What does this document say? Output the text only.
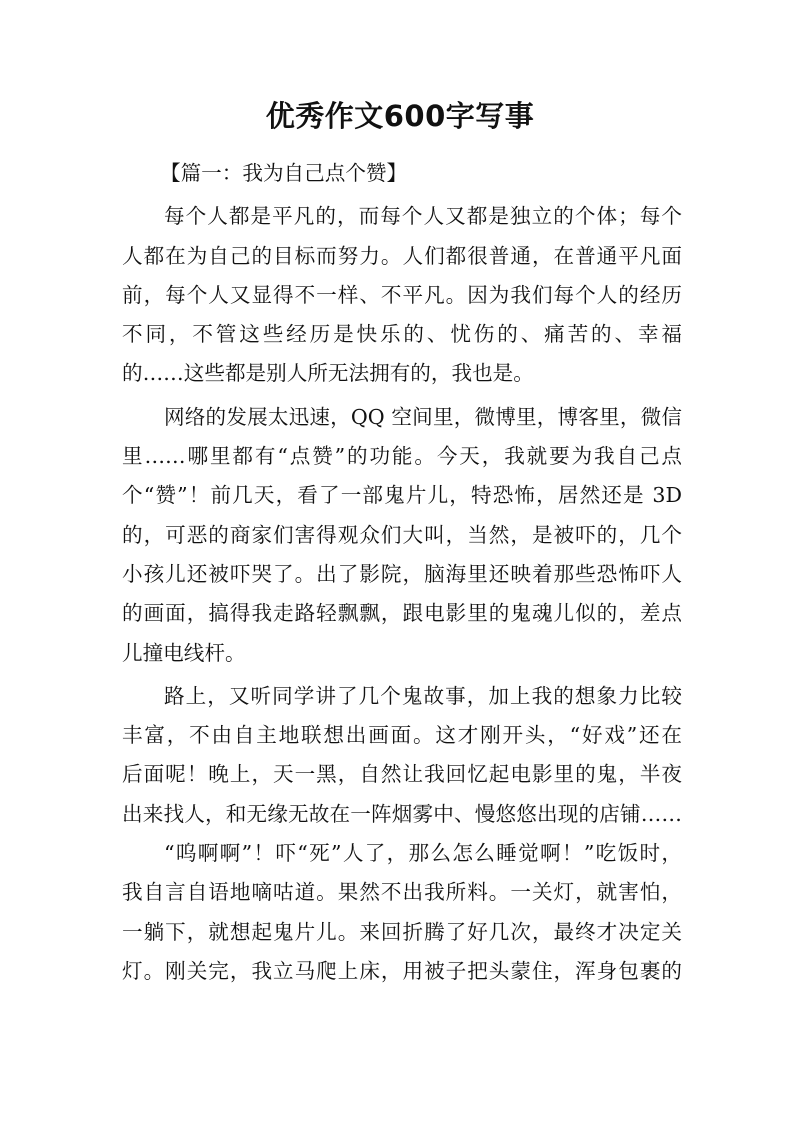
优秀作文600字写事
【篇一：我为自己点个赞】
每个人都是平凡的，而每个人又都是独立的个体；每个
人都在为自己的目标而努力。人们都很普通，在普通平凡面
前，每个人又显得不一样、不平凡。因为我们每个人的经历
不同，不管这些经历是快乐的、忧伤的、痛苦的、幸福
的……这些都是别人所无法拥有的，我也是。
网络的发展太迅速，QQ 空间里，微博里，博客里，微信
里……哪里都有“点赞”的功能。今天，我就要为我自己点
个“赞”！前几天，看了一部鬼片儿，特恐怖，居然还是 3D
的，可恶的商家们害得观众们大叫，当然，是被吓的，几个
小孩儿还被吓哭了。出了影院，脑海里还映着那些恐怖吓人
的画面，搞得我走路轻飘飘，跟电影里的鬼魂儿似的，差点
儿撞电线杆。
路上，又听同学讲了几个鬼故事，加上我的想象力比较
丰富，不由自主地联想出画面。这才刚开头，“好戏”还在
后面呢！晚上，天一黑，自然让我回忆起电影里的鬼，半夜
出来找人，和无缘无故在一阵烟雾中、慢悠悠出现的店铺……
“呜啊啊”！吓“死”人了，那么怎么睡觉啊！”吃饭时，
我自言自语地嘀咕道。果然不出我所料。一关灯，就害怕，
一躺下，就想起鬼片儿。来回折腾了好几次，最终才决定关
灯。刚关完，我立马爬上床，用被子把头蒙住，浑身包裹的
